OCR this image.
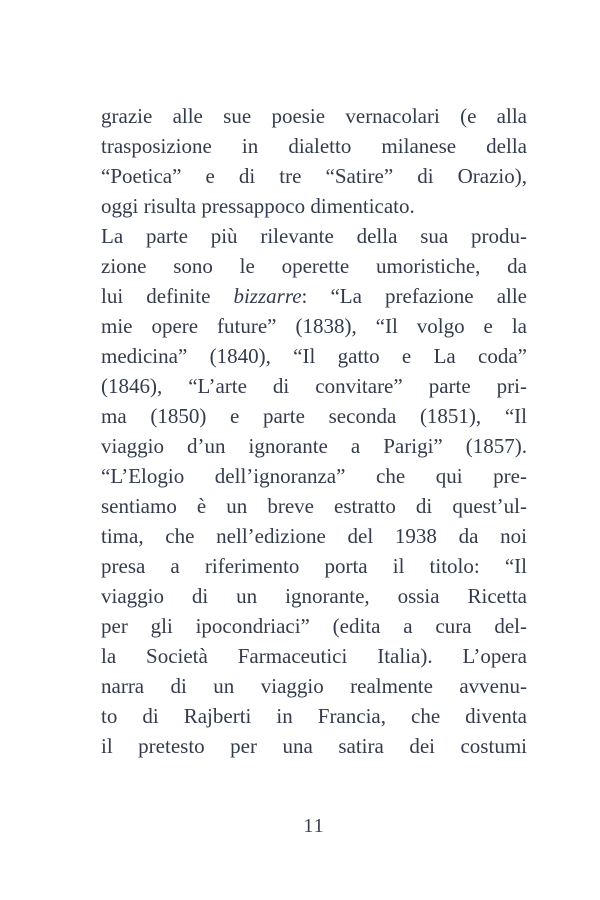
grazie alle sue poesie vernacolari (e alla
trasposizione in dialetto milanese della
“Poetica” e di tre “Satire” di Orazio),
oggi risulta pressappoco dimenticato.
La parte più rilevante della sua produ-
zione sono le operette umoristiche, da
lui definite bizzarre: “La prefazione alle
mie opere future” (1838), “Il volgo e la
medicina” (1840), “Il gatto e La coda”
(1846), “L’arte di convitare” parte pri-
ma (1850) e parte seconda (1851), “Il
viaggio d’un ignorante a Parigi” (1857).
“L’Elogio dell’ignoranza” che qui pre-
sentiamo è un breve estratto di quest’ul-
tima, che nell’edizione del 1938 da noi
presa a riferimento porta il titolo: “Il
viaggio di un ignorante, ossia Ricetta
per gli ipocondriaci” (edita a cura del-
la Società Farmaceutici Italia). L’opera
narra di un viaggio realmente avvenu-
to di Rajberti in Francia, che diventa
il pretesto per una satira dei costumi
11
